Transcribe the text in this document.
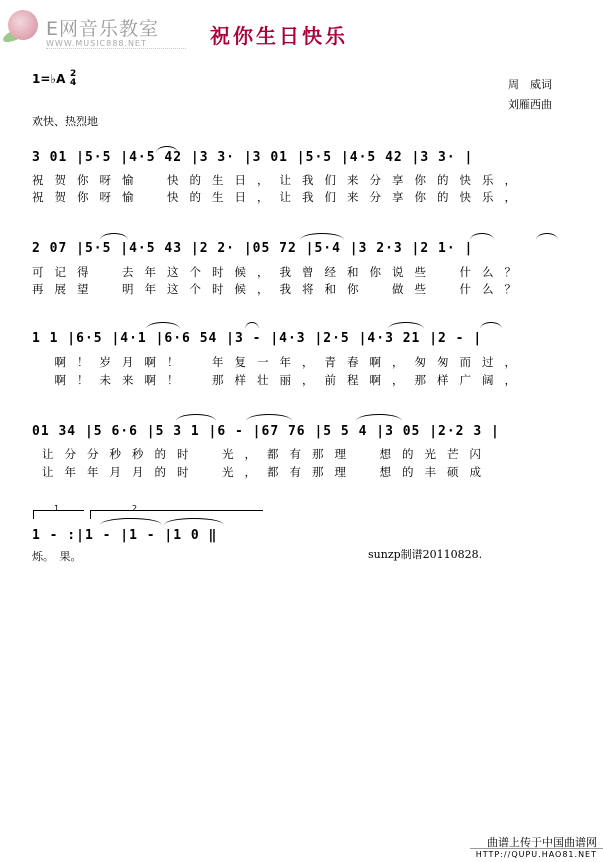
E网音乐教室
WWW.MUSIC888.NET	祝你生日快乐
周　威词
刘雁西曲
1=♭A 2
4
欢快、热烈地
3 01 |5·5 |4·5 42 |3 3· |3 01 |5·5 |4·5 42 |3 3· |
祝贺你呀愉　快的生日，让我们来分享你的快乐，
祝贺你呀愉　快的生日，让我们来分享你的快乐，
2 07 |5·5 |4·5 43 |2 2· |05 72 |5·4 |3 2·3 |2 1· |
可记得　去年这个时候，我曾经和你说些　什么？
再展望　明年这个时候，我将和你　做些　什么？
1 1 |6·5 |4·1 |6·6 54 |3 - |4·3 |2·5 |4·3 21 |2 - |
　啊！岁月啊！　年复一年，青春啊，匆匆而过，
　啊！未来啊！　那样壮丽，前程啊，那样广阔，
01 34 |5 6·6 |5 3 1 |6 - |67 76 |5 5 4 |3 05 |2·2 3 |
让分分秒秒的时　光，都有那理　想的光芒闪
让年年月月的时　光，都有那理　想的丰硕成
1	2
1 - :|1 - |1 - |1 0 ‖
烁。　果。	sunzp制谱20110828.
曲谱上传于中国曲谱网
HTTP://QUPU.HAO81.NET
